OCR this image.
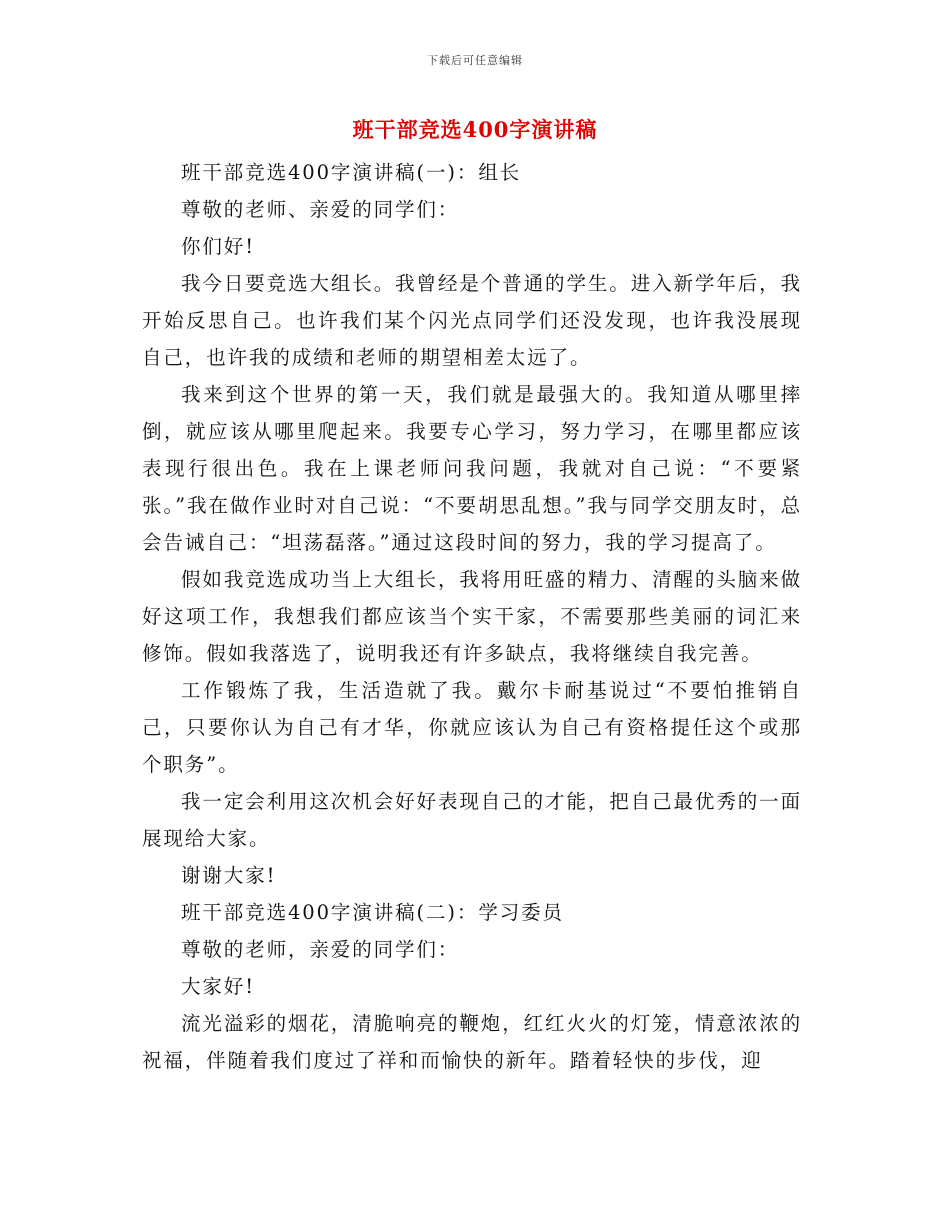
下载后可任意编辑
班干部竞选400字演讲稿

班干部竞选400字演讲稿(一)：组长

尊敬的老师、亲爱的同学们：

你们好!

我今日要竞选大组长。我曾经是个普通的学生。进入新学年后，我开始反思自己。也许我们某个闪光点同学们还没发现，也许我没展现自己，也许我的成绩和老师的期望相差太远了。

我来到这个世界的第一天，我们就是最强大的。我知道从哪里摔倒，就应该从哪里爬起来。我要专心学习，努力学习，在哪里都应该表现行很出色。我在上课老师问我问题，我就对自己说：“不要紧张。”我在做作业时对自己说：“不要胡思乱想。”我与同学交朋友时，总会告诫自己：“坦荡磊落。”通过这段时间的努力，我的学习提高了。

假如我竞选成功当上大组长，我将用旺盛的精力、清醒的头脑来做好这项工作，我想我们都应该当个实干家，不需要那些美丽的词汇来修饰。假如我落选了，说明我还有许多缺点，我将继续自我完善。

工作锻炼了我，生活造就了我。戴尔卡耐基说过“不要怕推销自己，只要你认为自己有才华，你就应该认为自己有资格提任这个或那个职务”。

我一定会利用这次机会好好表现自己的才能，把自己最优秀的一面展现给大家。

谢谢大家!

班干部竞选400字演讲稿(二)：学习委员

尊敬的老师，亲爱的同学们：

大家好!

流光溢彩的烟花，清脆响亮的鞭炮，红红火火的灯笼，情意浓浓的祝福，伴随着我们度过了祥和而愉快的新年。踏着轻快的步伐，迎
